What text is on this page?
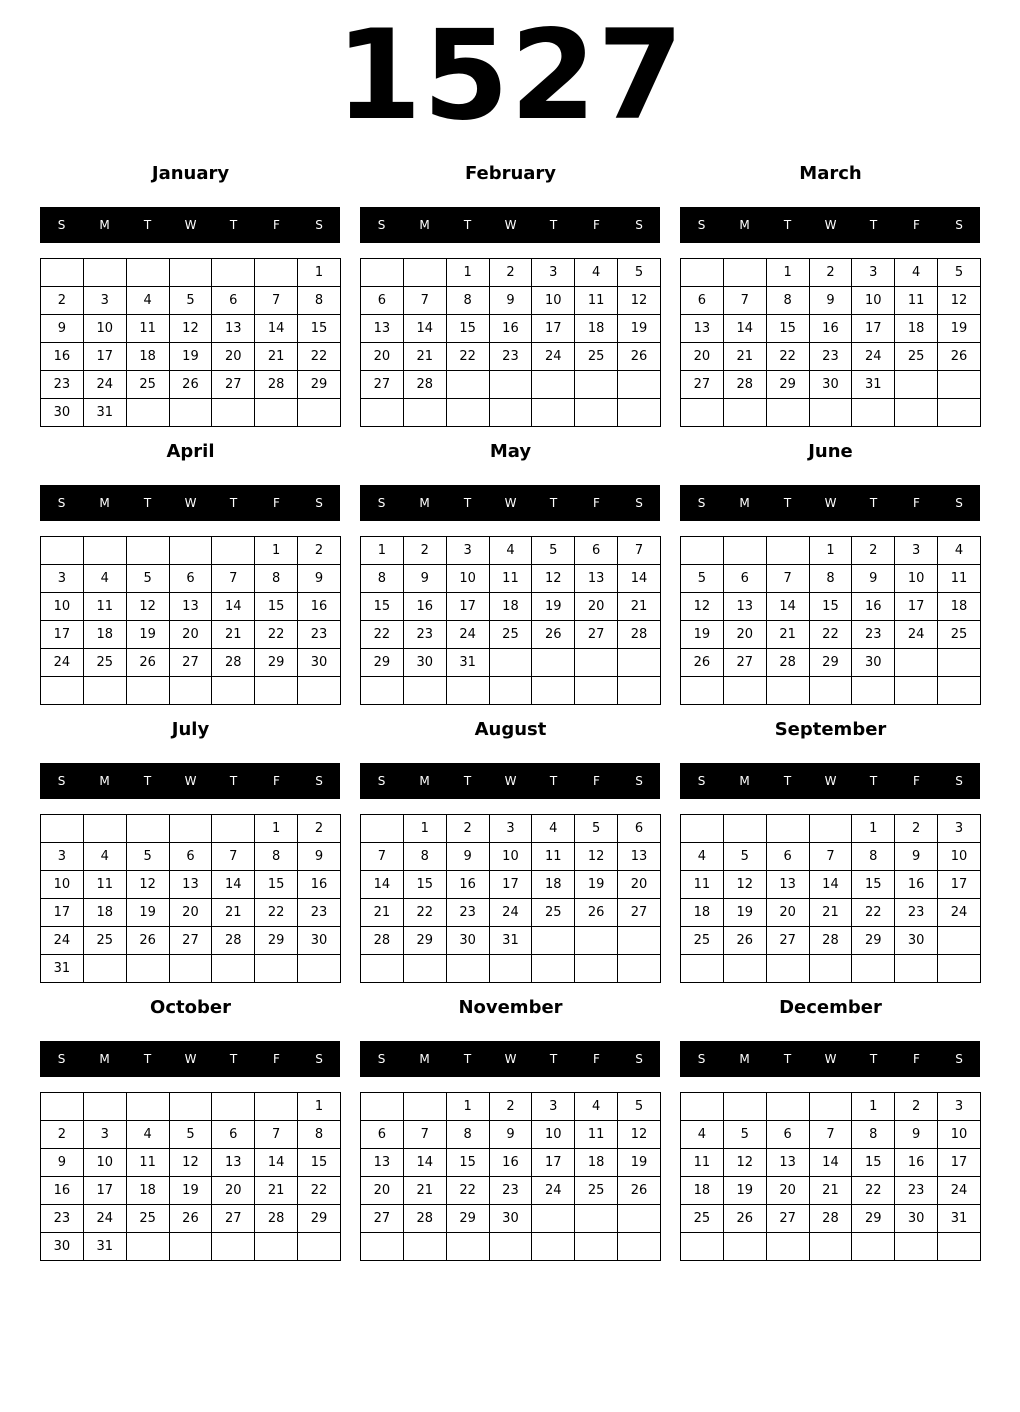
1527
January
S	M	T	W	T	F	S
						1
2	3	4	5	6	7	8
9	10	11	12	13	14	15
16	17	18	19	20	21	22
23	24	25	26	27	28	29
30	31					
February
S	M	T	W	T	F	S
		1	2	3	4	5
6	7	8	9	10	11	12
13	14	15	16	17	18	19
20	21	22	23	24	25	26
27	28					

March
S	M	T	W	T	F	S
		1	2	3	4	5
6	7	8	9	10	11	12
13	14	15	16	17	18	19
20	21	22	23	24	25	26
27	28	29	30	31		

April
S	M	T	W	T	F	S
					1	2
3	4	5	6	7	8	9
10	11	12	13	14	15	16
17	18	19	20	21	22	23
24	25	26	27	28	29	30

May
S	M	T	W	T	F	S
1	2	3	4	5	6	7
8	9	10	11	12	13	14
15	16	17	18	19	20	21
22	23	24	25	26	27	28
29	30	31				

June
S	M	T	W	T	F	S
			1	2	3	4
5	6	7	8	9	10	11
12	13	14	15	16	17	18
19	20	21	22	23	24	25
26	27	28	29	30		

July
S	M	T	W	T	F	S
					1	2
3	4	5	6	7	8	9
10	11	12	13	14	15	16
17	18	19	20	21	22	23
24	25	26	27	28	29	30
31						
August
S	M	T	W	T	F	S
	1	2	3	4	5	6
7	8	9	10	11	12	13
14	15	16	17	18	19	20
21	22	23	24	25	26	27
28	29	30	31			

September
S	M	T	W	T	F	S
				1	2	3
4	5	6	7	8	9	10
11	12	13	14	15	16	17
18	19	20	21	22	23	24
25	26	27	28	29	30	

October
S	M	T	W	T	F	S
						1
2	3	4	5	6	7	8
9	10	11	12	13	14	15
16	17	18	19	20	21	22
23	24	25	26	27	28	29
30	31					
November
S	M	T	W	T	F	S
		1	2	3	4	5
6	7	8	9	10	11	12
13	14	15	16	17	18	19
20	21	22	23	24	25	26
27	28	29	30			

December
S	M	T	W	T	F	S
				1	2	3
4	5	6	7	8	9	10
11	12	13	14	15	16	17
18	19	20	21	22	23	24
25	26	27	28	29	30	31
